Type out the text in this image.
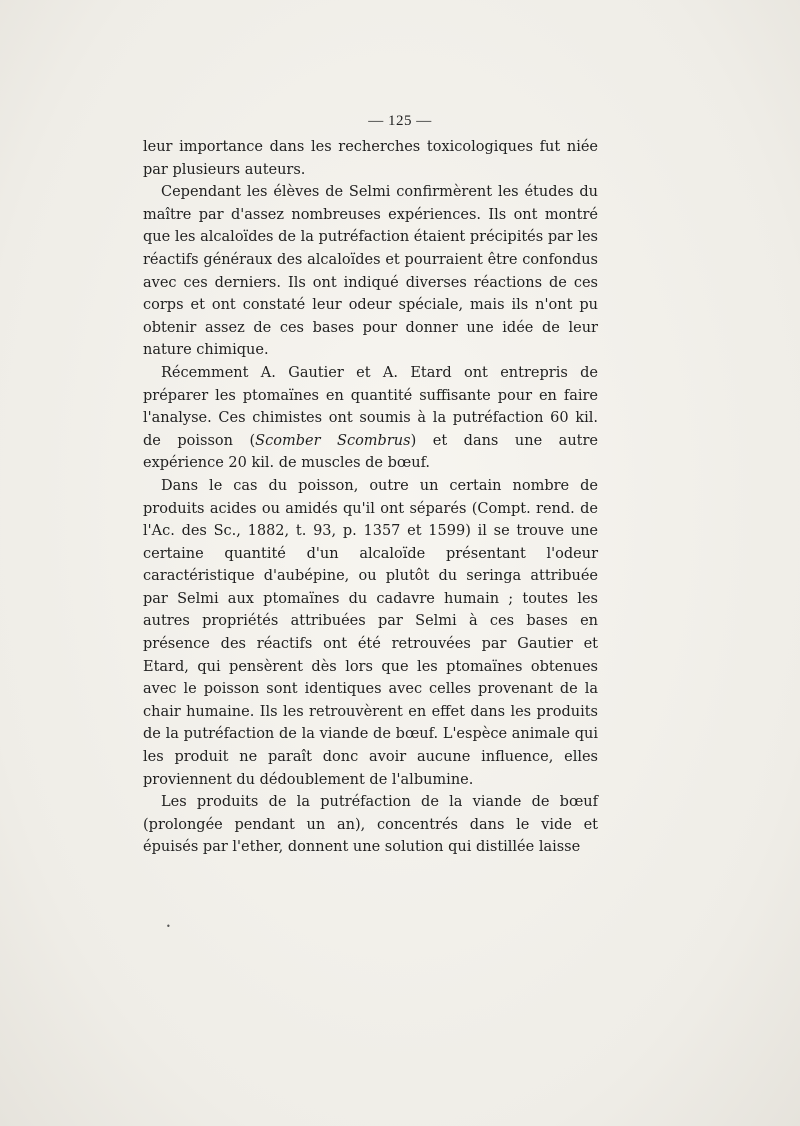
— 125 —

leur importance dans les recherches toxicologiques fut niée par plusieurs auteurs.

Cependant les élèves de Selmi confirmèrent les études du maître par d'assez nombreuses expériences. Ils ont montré que les alcaloïdes de la putréfaction étaient précipités par les réactifs généraux des alcaloïdes et pourraient être confondus avec ces derniers. Ils ont indiqué diverses réactions de ces corps et ont constaté leur odeur spéciale, mais ils n'ont pu obtenir assez de ces bases pour donner une idée de leur nature chimique.

Récemment A. Gautier et A. Etard ont entrepris de préparer les ptomaïnes en quantité suffisante pour en faire l'analyse. Ces chimistes ont soumis à la putréfaction 60 kil. de poisson (Scomber Scombrus) et dans une autre expérience 20 kil. de muscles de bœuf.

Dans le cas du poisson, outre un certain nombre de produits acides ou amidés qu'il ont séparés (Compt. rend. de l'Ac. des Sc., 1882, t. 93, p. 1357 et 1599) il se trouve une certaine quantité d'un alcaloïde présentant l'odeur caractéristique d'aubépine, ou plutôt du seringa attribuée par Selmi aux ptomaïnes du cadavre humain ; toutes les autres propriétés attribuées par Selmi à ces bases en présence des réactifs ont été retrouvées par Gautier et Etard, qui pensèrent dès lors que les ptomaïnes obtenues avec le poisson sont identiques avec celles provenant de la chair humaine. Ils les retrouvèrent en effet dans les produits de la putréfaction de la viande de bœuf. L'espèce animale qui les produit ne paraît donc avoir aucune influence, elles proviennent du dédoublement de l'albumine.

Les produits de la putréfaction de la viande de bœuf (prolongée pendant un an), concentrés dans le vide et épuisés par l'ether, donnent une solution qui distillée laisse

•
